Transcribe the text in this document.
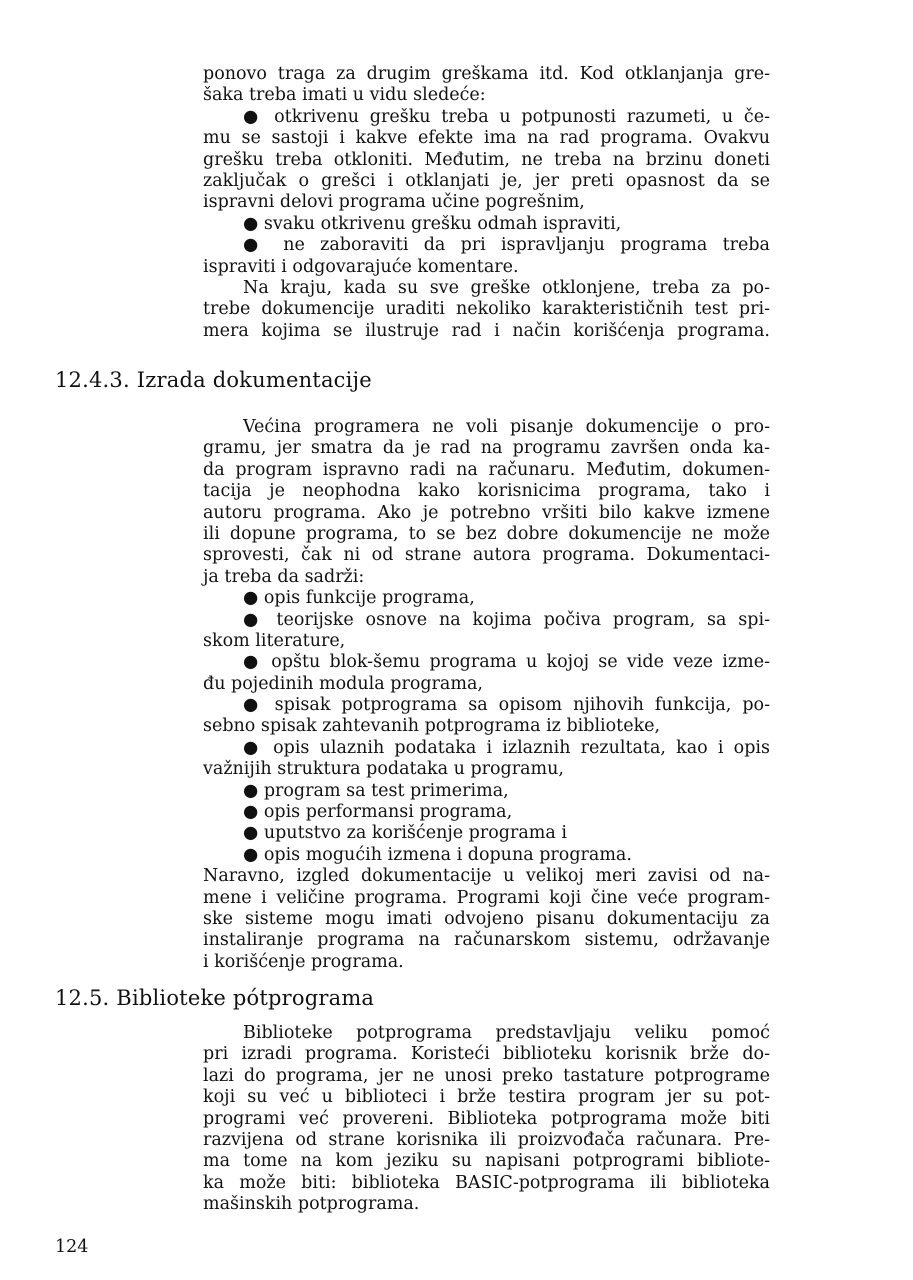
ponovo traga za drugim greškama itd. Kod otklanjanja gre-
šaka treba imati u vidu sledeće:
● otkrivenu grešku treba u potpunosti razumeti, u če-
mu se sastoji i kakve efekte ima na rad programa. Ovakvu
grešku treba otkloniti. Međutim, ne treba na brzinu doneti
zaključak o grešci i otklanjati je, jer preti opasnost da se
ispravni delovi programa učine pogrešnim,
● svaku otkrivenu grešku odmah ispraviti,
● ne zaboraviti da pri ispravljanju programa treba
ispraviti i odgovarajuće komentare.
Na kraju, kada su sve greške otklonjene, treba za po-
trebe dokumencije uraditi nekoliko karakterističnih test pri-
mera kojima se ilustruje rad i način korišćenja programa.
12.4.3. Izrada dokumentacije
Većina programera ne voli pisanje dokumencije o pro-
gramu, jer smatra da je rad na programu završen onda ka-
da program ispravno radi na računaru. Međutim, dokumen-
tacija je neophodna kako korisnicima programa, tako i
autoru programa. Ako je potrebno vršiti bilo kakve izmene
ili dopune programa, to se bez dobre dokumencije ne može
sprovesti, čak ni od strane autora programa. Dokumentaci-
ja treba da sadrži:
● opis funkcije programa,
● teorijske osnove na kojima počiva program, sa spi-
skom literature,
● opštu blok-šemu programa u kojoj se vide veze izme-
đu pojedinih modula programa,
● spisak potprograma sa opisom njihovih funkcija, po-
sebno spisak zahtevanih potprograma iz biblioteke,
● opis ulaznih podataka i izlaznih rezultata, kao i opis
važnijih struktura podataka u programu,
● program sa test primerima,
● opis performansi programa,
● uputstvo za korišćenje programa i
● opis mogućih izmena i dopuna programa.
Naravno, izgled dokumentacije u velikoj meri zavisi od na-
mene i veličine programa. Programi koji čine veće program-
ske sisteme mogu imati odvojeno pisanu dokumentaciju za
instaliranje programa na računarskom sistemu, održavanje
i korišćenje programa.
12.5. Biblioteke pótprograma
Biblioteke potprograma predstavljaju veliku pomoć
pri izradi programa. Koristeći biblioteku korisnik brže do-
lazi do programa, jer ne unosi preko tastature potprograme
koji su već u biblioteci i brže testira program jer su pot-
programi već provereni. Biblioteka potprograma može biti
razvijena od strane korisnika ili proizvođača računara. Pre-
ma tome na kom jeziku su napisani potprogrami bibliote-
ka može biti: biblioteka BASIC-potprograma ili biblioteka
mašinskih potprograma.
124
